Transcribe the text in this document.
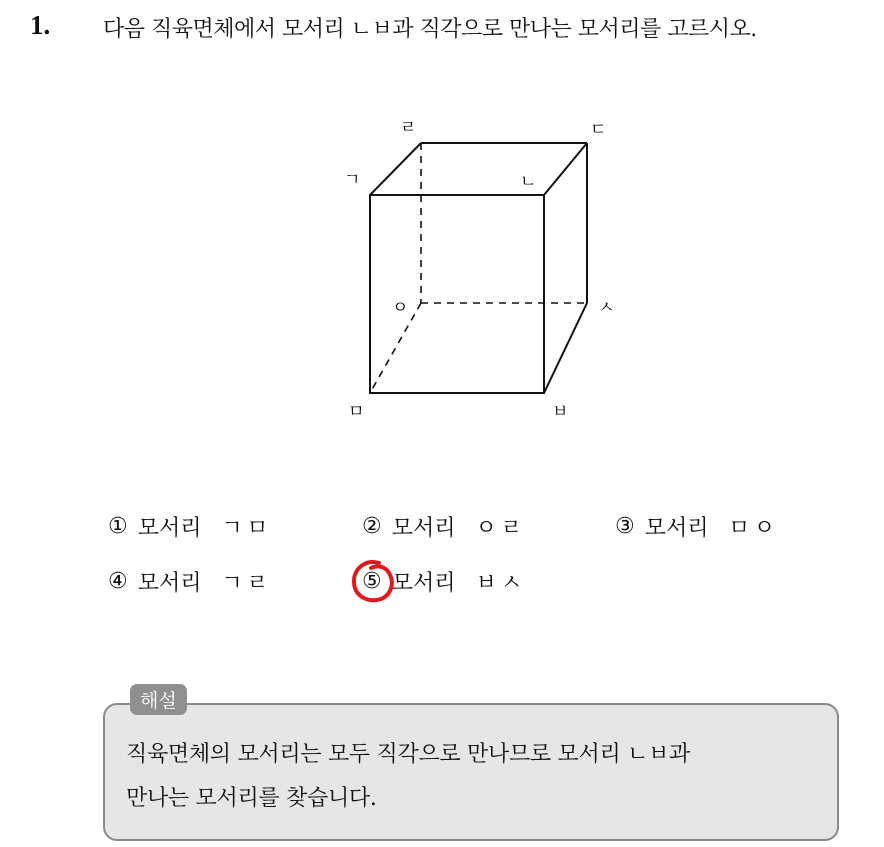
1. 다음 직육면체에서 모서리 ㄴㅂ과 직각으로 만나는 모서리를 고르시오.
ㄹ	ㄷ
ㄱ	ㄴ
ㅇ	ㅅ
ㅁ	ㅂ
① 모서리 ㄱㅁ	② 모서리 ㅇㄹ	③ 모서리 ㅁㅇ
④ 모서리 ㄱㄹ	⑤ 모서리 ㅂㅅ
해설
직육면체의 모서리는 모두 직각으로 만나므로 모서리 ㄴㅂ과
만나는 모서리를 찾습니다.
